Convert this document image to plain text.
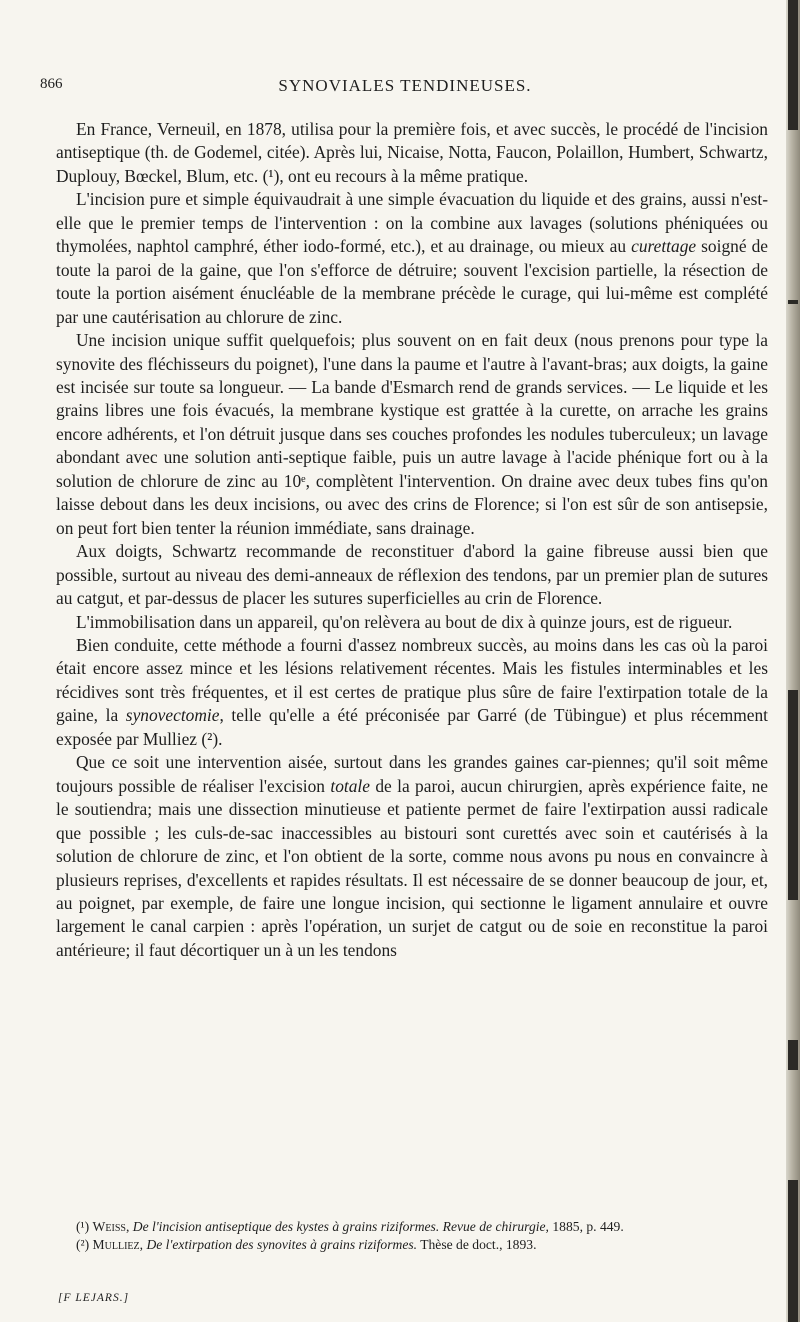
866	SYNOVIALES TENDINEUSES.

En France, Verneuil, en 1878, utilisa pour la première fois, et avec succès, le procédé de l'incision antiseptique (th. de Godemel, citée). Après lui, Nicaise, Notta, Faucon, Polaillon, Humbert, Schwartz, Duplouy, Bœckel, Blum, etc. (¹), ont eu recours à la même pratique.

L'incision pure et simple équivaudrait à une simple évacuation du liquide et des grains, aussi n'est-elle que le premier temps de l'intervention : on la combine aux lavages (solutions phéniquées ou thymolées, naphtol camphré, éther iodo-formé, etc.), et au drainage, ou mieux au curettage soigné de toute la paroi de la gaine, que l'on s'efforce de détruire; souvent l'excision partielle, la résection de toute la portion aisément énucléable de la membrane précède le curage, qui lui-même est complété par une cautérisation au chlorure de zinc.

Une incision unique suffit quelquefois; plus souvent on en fait deux (nous prenons pour type la synovite des fléchisseurs du poignet), l'une dans la paume et l'autre à l'avant-bras; aux doigts, la gaine est incisée sur toute sa longueur. — La bande d'Esmarch rend de grands services. — Le liquide et les grains libres une fois évacués, la membrane kystique est grattée à la curette, on arrache les grains encore adhérents, et l'on détruit jusque dans ses couches profondes les nodules tuberculeux; un lavage abondant avec une solution anti-septique faible, puis un autre lavage à l'acide phénique fort ou à la solution de chlorure de zinc au 10ᵉ, complètent l'intervention. On draine avec deux tubes fins qu'on laisse debout dans les deux incisions, ou avec des crins de Florence; si l'on est sûr de son antisepsie, on peut fort bien tenter la réunion immédiate, sans drainage.

Aux doigts, Schwartz recommande de reconstituer d'abord la gaine fibreuse aussi bien que possible, surtout au niveau des demi-anneaux de réflexion des tendons, par un premier plan de sutures au catgut, et par-dessus de placer les sutures superficielles au crin de Florence.

L'immobilisation dans un appareil, qu'on relèvera au bout de dix à quinze jours, est de rigueur.

Bien conduite, cette méthode a fourni d'assez nombreux succès, au moins dans les cas où la paroi était encore assez mince et les lésions relativement récentes. Mais les fistules interminables et les récidives sont très fréquentes, et il est certes de pratique plus sûre de faire l'extirpation totale de la gaine, la synovectomie, telle qu'elle a été préconisée par Garré (de Tübingue) et plus récemment exposée par Mulliez (²).

Que ce soit une intervention aisée, surtout dans les grandes gaines car-piennes; qu'il soit même toujours possible de réaliser l'excision totale de la paroi, aucun chirurgien, après expérience faite, ne le soutiendra; mais une dissection minutieuse et patiente permet de faire l'extirpation aussi radicale que possible ; les culs-de-sac inaccessibles au bistouri sont curettés avec soin et cautérisés à la solution de chlorure de zinc, et l'on obtient de la sorte, comme nous avons pu nous en convaincre à plusieurs reprises, d'excellents et rapides résultats. Il est nécessaire de se donner beaucoup de jour, et, au poignet, par exemple, de faire une longue incision, qui sectionne le ligament annulaire et ouvre largement le canal carpien : après l'opération, un surjet de catgut ou de soie en reconstitue la paroi antérieure; il faut décortiquer un à un les tendons

(¹) Weiss, De l'incision antiseptique des kystes à grains riziformes. Revue de chirurgie, 1885, p. 449.

(²) Mulliez, De l'extirpation des synovites à grains riziformes. Thèse de doct., 1893.

[F LEJARS.]
